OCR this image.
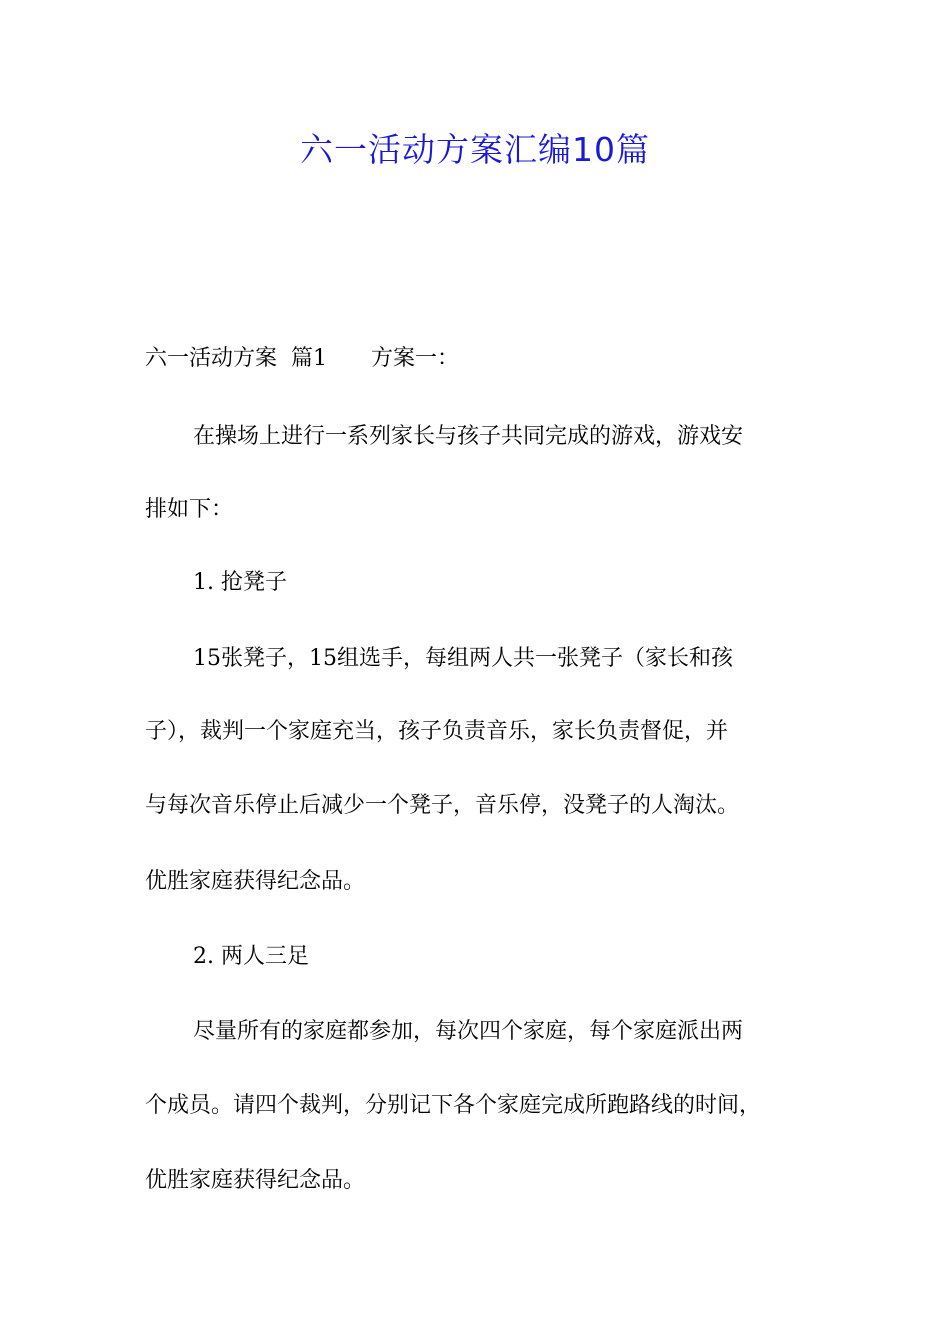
六一活动方案汇编10篇
六一活动方案  篇1 方案一：
在操场上进行一系列家长与孩子共同完成的游戏，游戏安
排如下：
1. 抢凳子
15张凳子，15组选手，每组两人共一张凳子（家长和孩
子），裁判一个家庭充当，孩子负责音乐，家长负责督促，并
与每次音乐停止后减少一个凳子，音乐停，没凳子的人淘汰。
优胜家庭获得纪念品。
2. 两人三足
尽量所有的家庭都参加，每次四个家庭，每个家庭派出两
个成员。请四个裁判，分别记下各个家庭完成所跑路线的时间，
优胜家庭获得纪念品。
